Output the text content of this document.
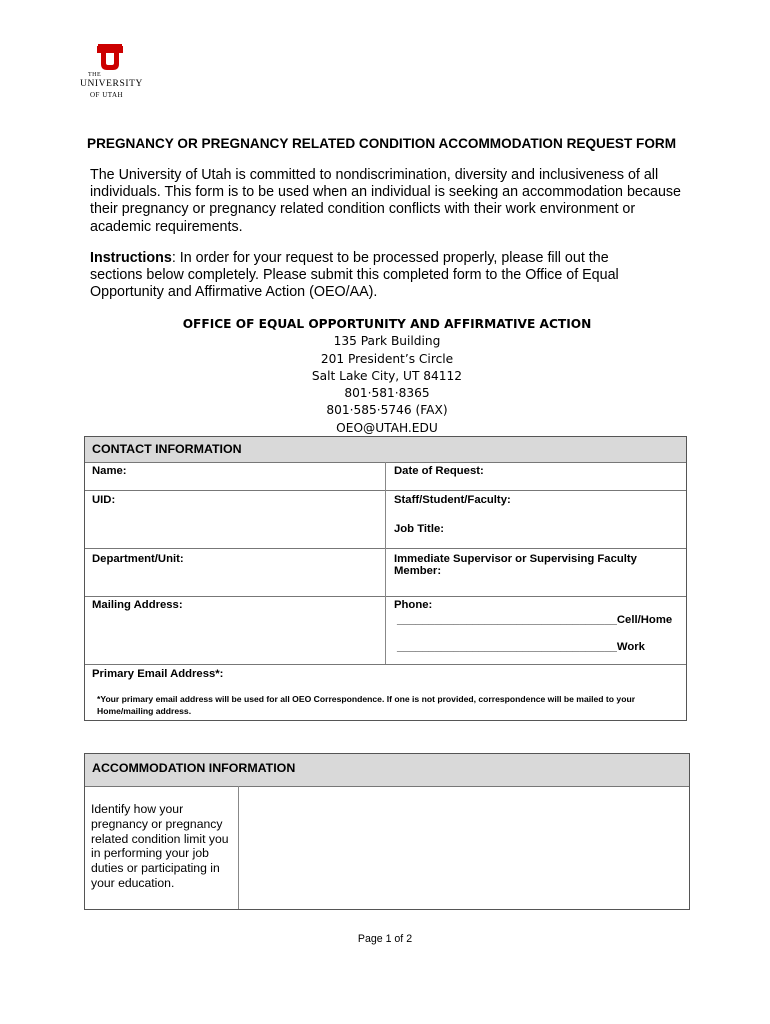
THE
UNIVERSITY
OF UTAH
PREGNANCY OR PREGNANCY RELATED CONDITION ACCOMMODATION REQUEST FORM
The University of Utah is committed to nondiscrimination, diversity and inclusiveness of all individuals. This form is to be used when an individual is seeking an accommodation because their pregnancy or pregnancy related condition conflicts with their work environment or academic requirements.
Instructions: In order for your request to be processed properly, please fill out the sections below completely. Please submit this completed form to the Office of Equal Opportunity and Affirmative Action (OEO/AA).
OFFICE OF EQUAL OPPORTUNITY AND AFFIRMATIVE ACTION
135 Park Building
201 President’s Circle
Salt Lake City, UT 84112
801·581·8365
801·585·5746 (FAX)
OEO@UTAH.EDU
CONTACT INFORMATION
Name:	Date of Request:
UID:	Staff/Student/Faculty:
Job Title:
Department/Unit:	Immediate Supervisor or Supervising Faculty Member:
Mailing Address:	Phone:
___________________________________Cell/Home
___________________________________Work
Primary Email Address*:
*Your primary email address will be used for all OEO Correspondence. If one is not provided, correspondence will be mailed to your Home/mailing address.
ACCOMMODATION INFORMATION
Identify how your pregnancy or pregnancy related condition limit you in performing your job duties or participating in your education.
Page 1 of 2
